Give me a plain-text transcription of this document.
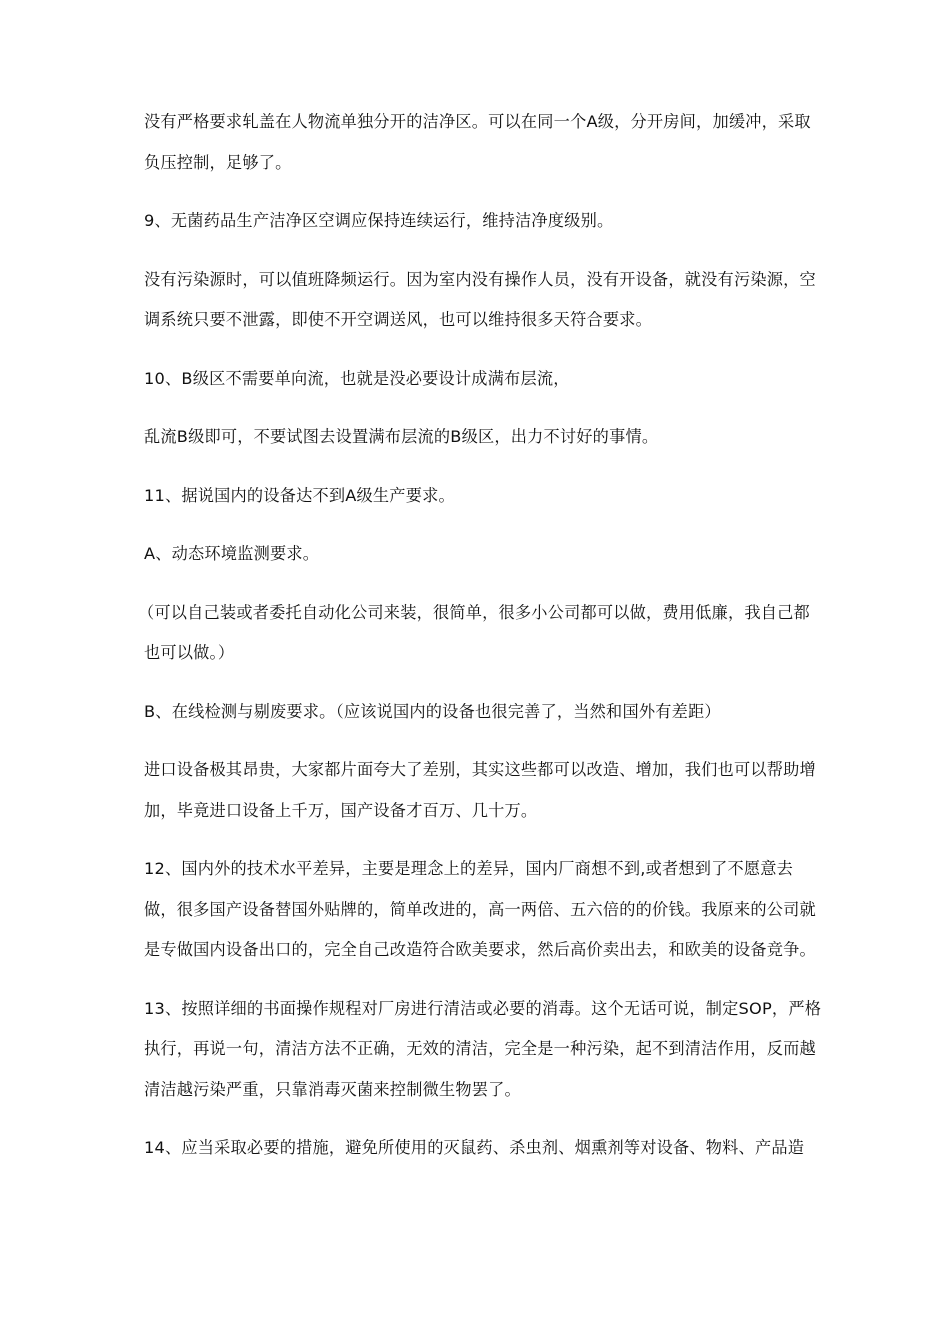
没有严格要求轧盖在人物流单独分开的洁净区。可以在同一个A级，分开房间，加缓冲，采取负压控制，足够了。

9、无菌药品生产洁净区空调应保持连续运行，维持洁净度级别。

没有污染源时，可以值班降频运行。因为室内没有操作人员，没有开设备，就没有污染源，空调系统只要不泄露，即使不开空调送风，也可以维持很多天符合要求。

10、B级区不需要单向流，也就是没必要设计成满布层流，

乱流B级即可，不要试图去设置满布层流的B级区，出力不讨好的事情。

11、据说国内的设备达不到A级生产要求。

A、动态环境监测要求。

（可以自己装或者委托自动化公司来装，很简单，很多小公司都可以做，费用低廉，我自己都也可以做。）

B、在线检测与剔废要求。（应该说国内的设备也很完善了，当然和国外有差距）

进口设备极其昂贵，大家都片面夸大了差别，其实这些都可以改造、增加，我们也可以帮助增加，毕竟进口设备上千万，国产设备才百万、几十万。

12、国内外的技术水平差异，主要是理念上的差异，国内厂商想不到,或者想到了不愿意去做，很多国产设备替国外贴牌的，简单改进的，高一两倍、五六倍的的价钱。我原来的公司就是专做国内设备出口的，完全自己改造符合欧美要求，然后高价卖出去，和欧美的设备竞争。

13、按照详细的书面操作规程对厂房进行清洁或必要的消毒。这个无话可说，制定SOP，严格执行，再说一句，清洁方法不正确，无效的清洁，完全是一种污染，起不到清洁作用，反而越清洁越污染严重，只靠消毒灭菌来控制微生物罢了。

14、应当采取必要的措施，避免所使用的灭鼠药、杀虫剂、烟熏剂等对设备、物料、产品造
